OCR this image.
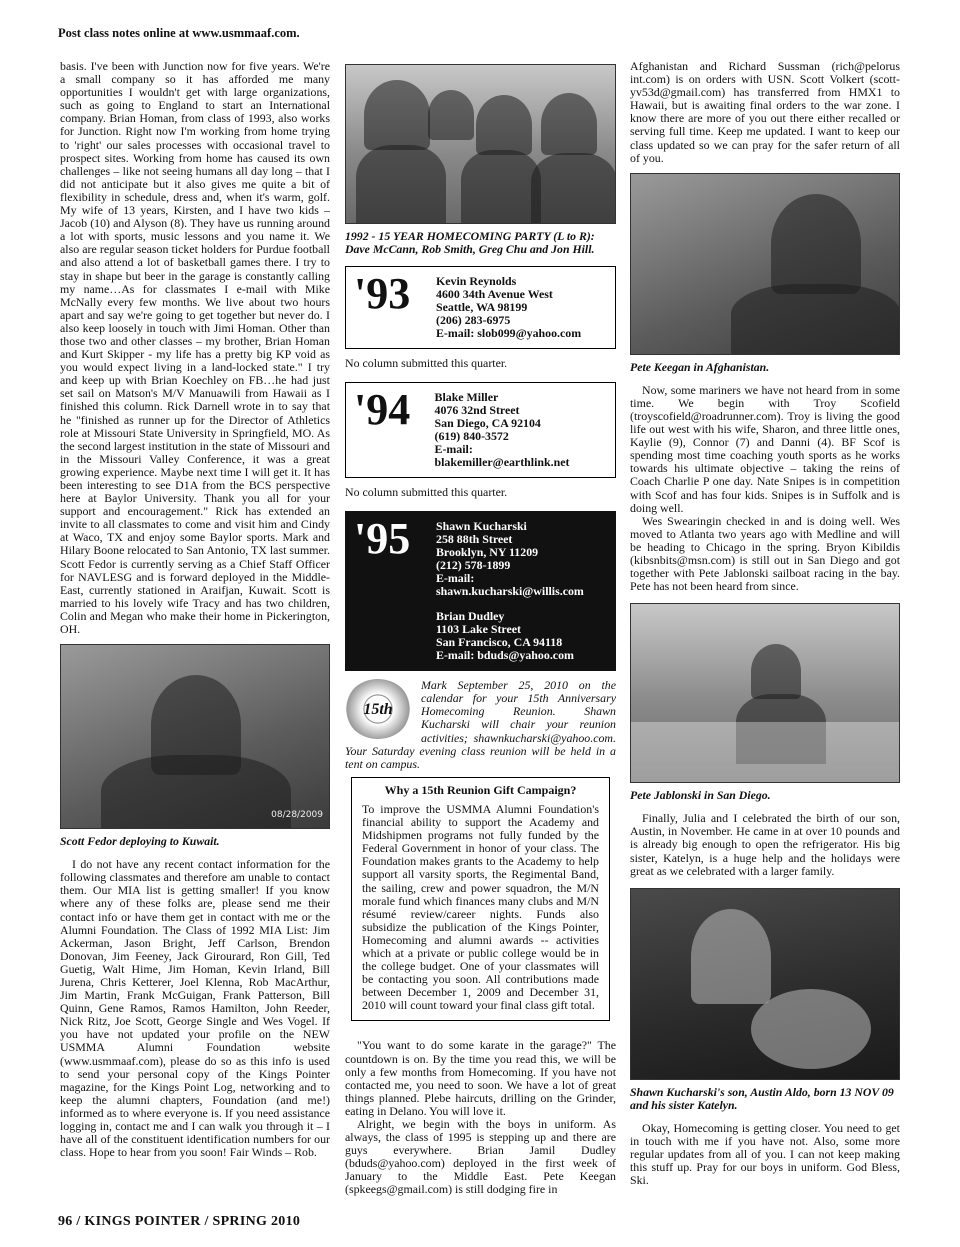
Post class notes online at www.usmmaaf.com.

basis. I've been with Junction now for five years. We're a small company so it has afforded me many opportunities I wouldn't get with large organizations, such as going to England to start an International company. Brian Homan, from class of 1993, also works for Junction. Right now I'm working from home trying to 'right' our sales processes with occasional travel to prospect sites. Working from home has caused its own challenges – like not seeing humans all day long – that I did not anticipate but it also gives me quite a bit of flexibility in schedule, dress and, when it's warm, golf. My wife of 13 years, Kirsten, and I have two kids – Jacob (10) and Alyson (8). They have us running around a lot with sports, music lessons and you name it. We also are regular season ticket holders for Purdue football and also attend a lot of basketball games there. I try to stay in shape but beer in the garage is constantly calling my name…As for classmates I e-mail with Mike McNally every few months. We live about two hours apart and say we're going to get together but never do. I also keep loosely in touch with Jimi Homan. Other than those two and other classes – my brother, Brian Homan and Kurt Skipper - my life has a pretty big KP void as you would expect living in a land-locked state." I try and keep up with Brian Koechley on FB…he had just set sail on Matson's M/V Manuawili from Hawaii as I finished this column. Rick Darnell wrote in to say that he "finished as runner up for the Director of Athletics role at Missouri State University in Springfield, MO. As the second largest institution in the state of Missouri and in the Missouri Valley Conference, it was a great growing experience. Maybe next time I will get it. It has been interesting to see D1A from the BCS perspective here at Baylor University. Thank you all for your support and encouragement." Rick has extended an invite to all classmates to come and visit him and Cindy at Waco, TX and enjoy some Baylor sports. Mark and Hilary Boone relocated to San Antonio, TX last summer. Scott Fedor is currently serving as a Chief Staff Officer for NAVLESG and is forward deployed in the Middle-East, currently stationed in Araifjan, Kuwait. Scott is married to his lovely wife Tracy and has two children, Colin and Megan who make their home in Pickerington, OH.

08/28/2009
Scott Fedor deploying to Kuwait.

I do not have any recent contact information for the following classmates and therefore am unable to contact them. Our MIA list is getting smaller! If you know where any of these folks are, please send me their contact info or have them get in contact with me or the Alumni Foundation. The Class of 1992 MIA List: Jim Ackerman, Jason Bright, Jeff Carlson, Brendon Donovan, Jim Feeney, Jack Girourard, Ron Gill, Ted Guetig, Walt Hime, Jim Homan, Kevin Irland, Bill Jurena, Chris Ketterer, Joel Klenna, Rob MacArthur, Jim Martin, Frank McGuigan, Frank Patterson, Bill Quinn, Gene Ramos, Ramos Hamilton, John Reeder, Nick Ritz, Joe Scott, George Single and Wes Vogel. If you have not updated your profile on the NEW USMMA Alumni Foundation website (www.usmmaaf.com), please do so as this info is used to send your personal copy of the Kings Pointer magazine, for the Kings Point Log, networking and to keep the alumni chapters, Foundation (and me!) informed as to where everyone is. If you need assistance logging in, contact me and I can walk you through it – I have all of the constituent identification numbers for our class. Hope to hear from you soon! Fair Winds – Rob.

1992 - 15 YEAR HOMECOMING PARTY (L to R): Dave McCann, Rob Smith, Greg Chu and Jon Hill.
'93	Kevin Reynolds
4600 34th Avenue West
Seattle, WA 98199
(206) 283-6975
E-mail: slob099@yahoo.com
No column submitted this quarter.
'94	Blake Miller
4076 32nd Street
San Diego, CA 92104
(619) 840-3572
E-mail: blakemiller@earthlink.net
No column submitted this quarter.
'95	Shawn Kucharski
258 88th Street
Brooklyn, NY 11209
(212) 578-1899
E-mail:
shawn.kucharski@willis.com
Brian Dudley
1103 Lake Street
San Francisco, CA 94118
E-mail: bduds@yahoo.com
15th
Mark September 25, 2010 on the calendar for your 15th Anniversary Homecoming Reunion. Shawn Kucharski will chair your reunion activities; shawnkucharski@yahoo.com. Your Saturday evening class reunion will be held in a tent on campus.
Why a 15th Reunion Gift Campaign?
To improve the USMMA Alumni Foundation's financial ability to support the Academy and Midshipmen programs not fully funded by the Federal Government in honor of your class. The Foundation makes grants to the Academy to help support all varsity sports, the Regimental Band, the sailing, crew and power squadron, the M/N morale fund which finances many clubs and M/N résumé review/career nights. Funds also subsidize the publication of the Kings Pointer, Homecoming and alumni awards -- activities which at a private or public college would be in the college budget. One of your classmates will be contacting you soon. All contributions made between December 1, 2009 and December 31, 2010 will count toward your final class gift total.

"You want to do some karate in the garage?" The countdown is on. By the time you read this, we will be only a few months from Homecoming. If you have not contacted me, you need to soon. We have a lot of great things planned. Plebe haircuts, drilling on the Grinder, eating in Delano. You will love it.

Alright, we begin with the boys in uniform. As always, the class of 1995 is stepping up and there are guys everywhere. Brian Jamil Dudley (bduds@yahoo.com) deployed in the first week of January to the Middle East. Pete Keegan (spkeegs@gmail.com) is still dodging fire in

Afghanistan and Richard Sussman (rich@pelorus int.com) is on orders with USN. Scott Volkert (scott-yv53d@gmail.com) has transferred from HMX1 to Hawaii, but is awaiting final orders to the war zone. I know there are more of you out there either recalled or serving full time. Keep me updated. I want to keep our class updated so we can pray for the safer return of all of you.

Pete Keegan in Afghanistan.

Now, some mariners we have not heard from in some time. We begin with Troy Scofield (troyscofield@roadrunner.com). Troy is living the good life out west with his wife, Sharon, and three little ones, Kaylie (9), Connor (7) and Danni (4). BF Scof is spending most time coaching youth sports as he works towards his ultimate objective – taking the reins of Coach Charlie P one day. Nate Snipes is in competition with Scof and has four kids. Snipes is in Suffolk and is doing well.

Wes Swearingin checked in and is doing well. Wes moved to Atlanta two years ago with Medline and will be heading to Chicago in the spring. Bryon Kibildis (kibsnbits@msn.com) is still out in San Diego and got together with Pete Jablonski sailboat racing in the bay. Pete has not been heard from since.

Pete Jablonski in San Diego.

Finally, Julia and I celebrated the birth of our son, Austin, in November. He came in at over 10 pounds and is already big enough to open the refrigerator. His big sister, Katelyn, is a huge help and the holidays were great as we celebrated with a larger family.

Shawn Kucharski's son, Austin Aldo, born 13 NOV 09 and his sister Katelyn.

Okay, Homecoming is getting closer. You need to get in touch with me if you have not. Also, some more regular updates from all of you. I can not keep making this stuff up. Pray for our boys in uniform. God Bless, Ski.

96 / KINGS POINTER / SPRING 2010
